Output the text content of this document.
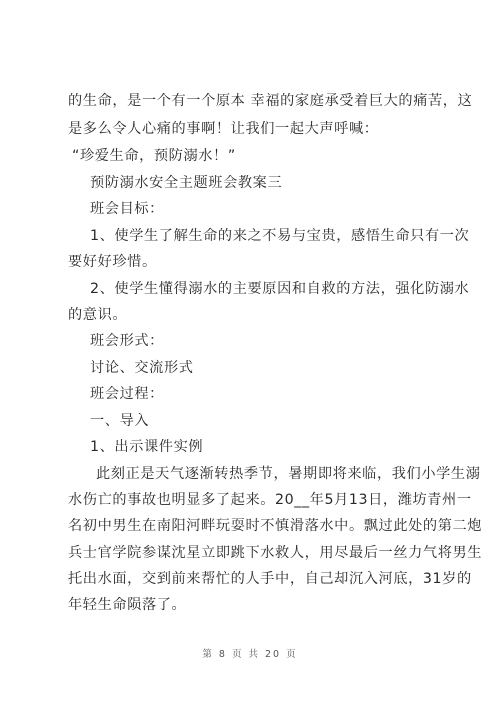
的生命，是一个有一个原本 幸福的家庭承受着巨大的痛苦，这
是多么令人心痛的事啊！让我们一起大声呼喊：
“珍爱生命，预防溺水！”
预防溺水安全主题班会教案三
班会目标：
1、使学生了解生命的来之不易与宝贵，感悟生命只有一次
要好好珍惜。
2、使学生懂得溺水的主要原因和自救的方法，强化防溺水
的意识。
班会形式：
讨论、交流形式
班会过程：
一、导入
1、出示课件实例
此刻正是天气逐渐转热季节，暑期即将来临，我们小学生溺
水伤亡的事故也明显多了起来。20__年5月13日，潍坊青州一
名初中男生在南阳河畔玩耍时不慎滑落水中。飘过此处的第二炮
兵士官学院参谋沈星立即跳下水救人，用尽最后一丝力气将男生
托出水面，交到前来帮忙的人手中，自己却沉入河底，31岁的
年轻生命陨落了。
第 8 页 共 20 页
